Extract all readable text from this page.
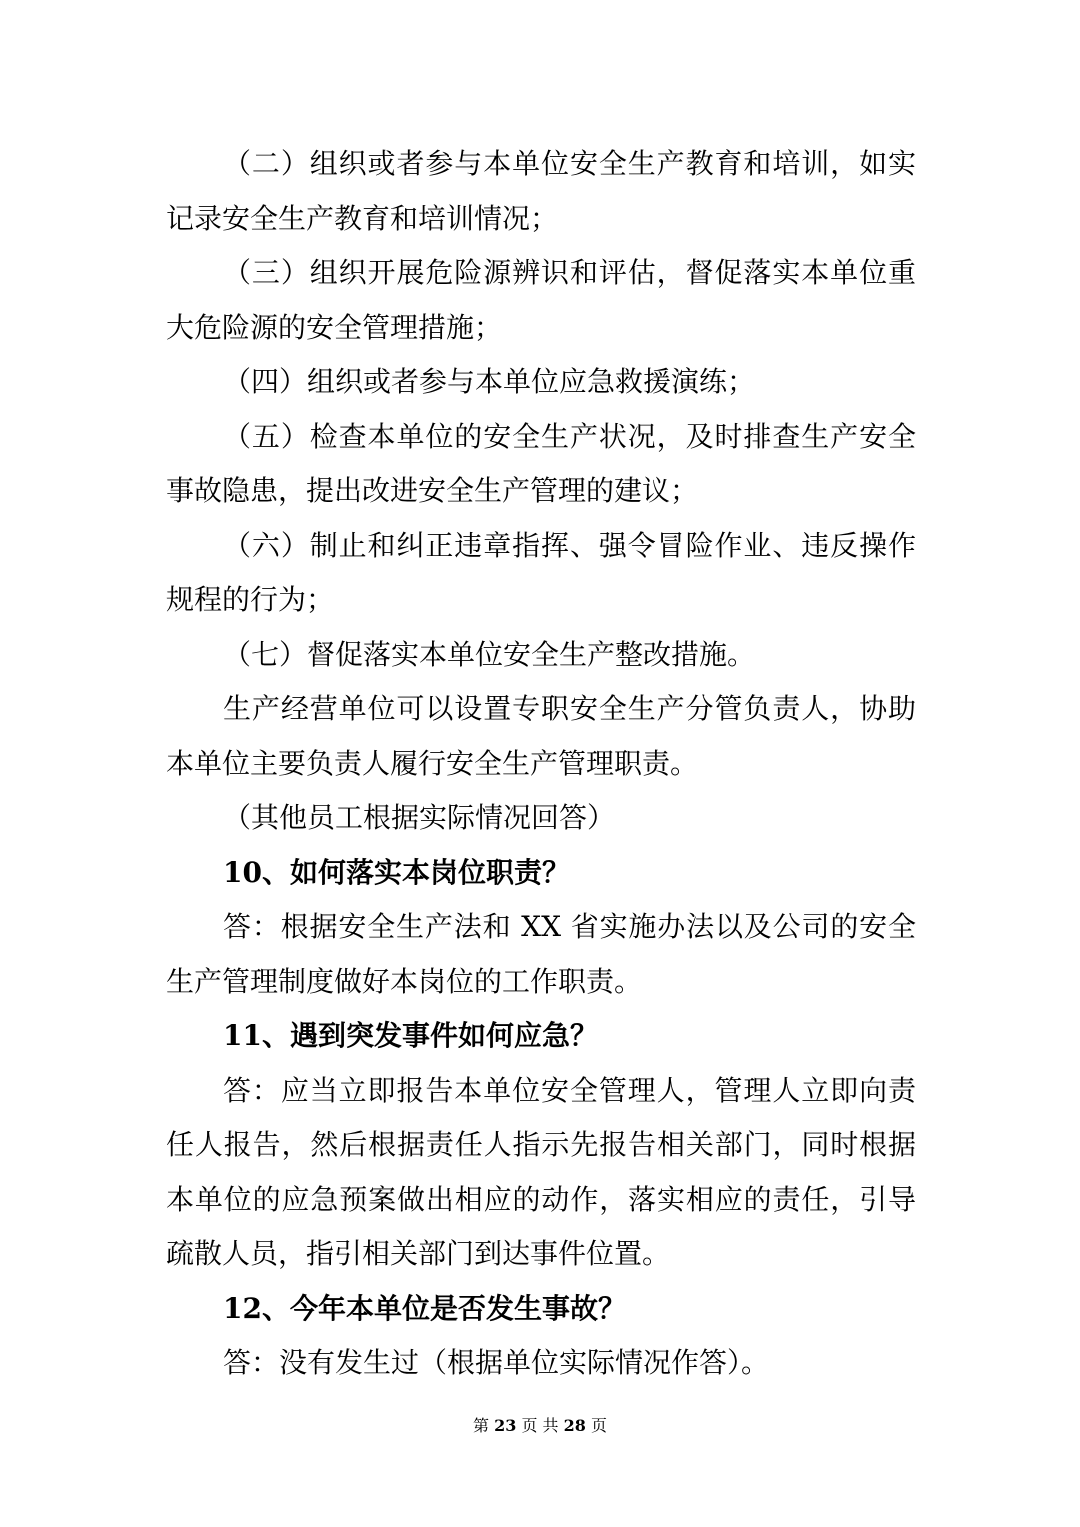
（二）组织或者参与本单位安全生产教育和培训，如实
记录安全生产教育和培训情况；
（三）组织开展危险源辨识和评估，督促落实本单位重
大危险源的安全管理措施；
（四）组织或者参与本单位应急救援演练；
（五）检查本单位的安全生产状况，及时排查生产安全
事故隐患，提出改进安全生产管理的建议；
（六）制止和纠正违章指挥、强令冒险作业、违反操作
规程的行为；
（七）督促落实本单位安全生产整改措施。
生产经营单位可以设置专职安全生产分管负责人，协助
本单位主要负责人履行安全生产管理职责。
（其他员工根据实际情况回答）
10、如何落实本岗位职责？
答：根据安全生产法和 XX 省实施办法以及公司的安全
生产管理制度做好本岗位的工作职责。
11、遇到突发事件如何应急？
答：应当立即报告本单位安全管理人，管理人立即向责
任人报告，然后根据责任人指示先报告相关部门，同时根据
本单位的应急预案做出相应的动作，落实相应的责任，引导
疏散人员，指引相关部门到达事件位置。
12、今年本单位是否发生事故？
答：没有发生过（根据单位实际情况作答）。
第 23 页 共 28 页
